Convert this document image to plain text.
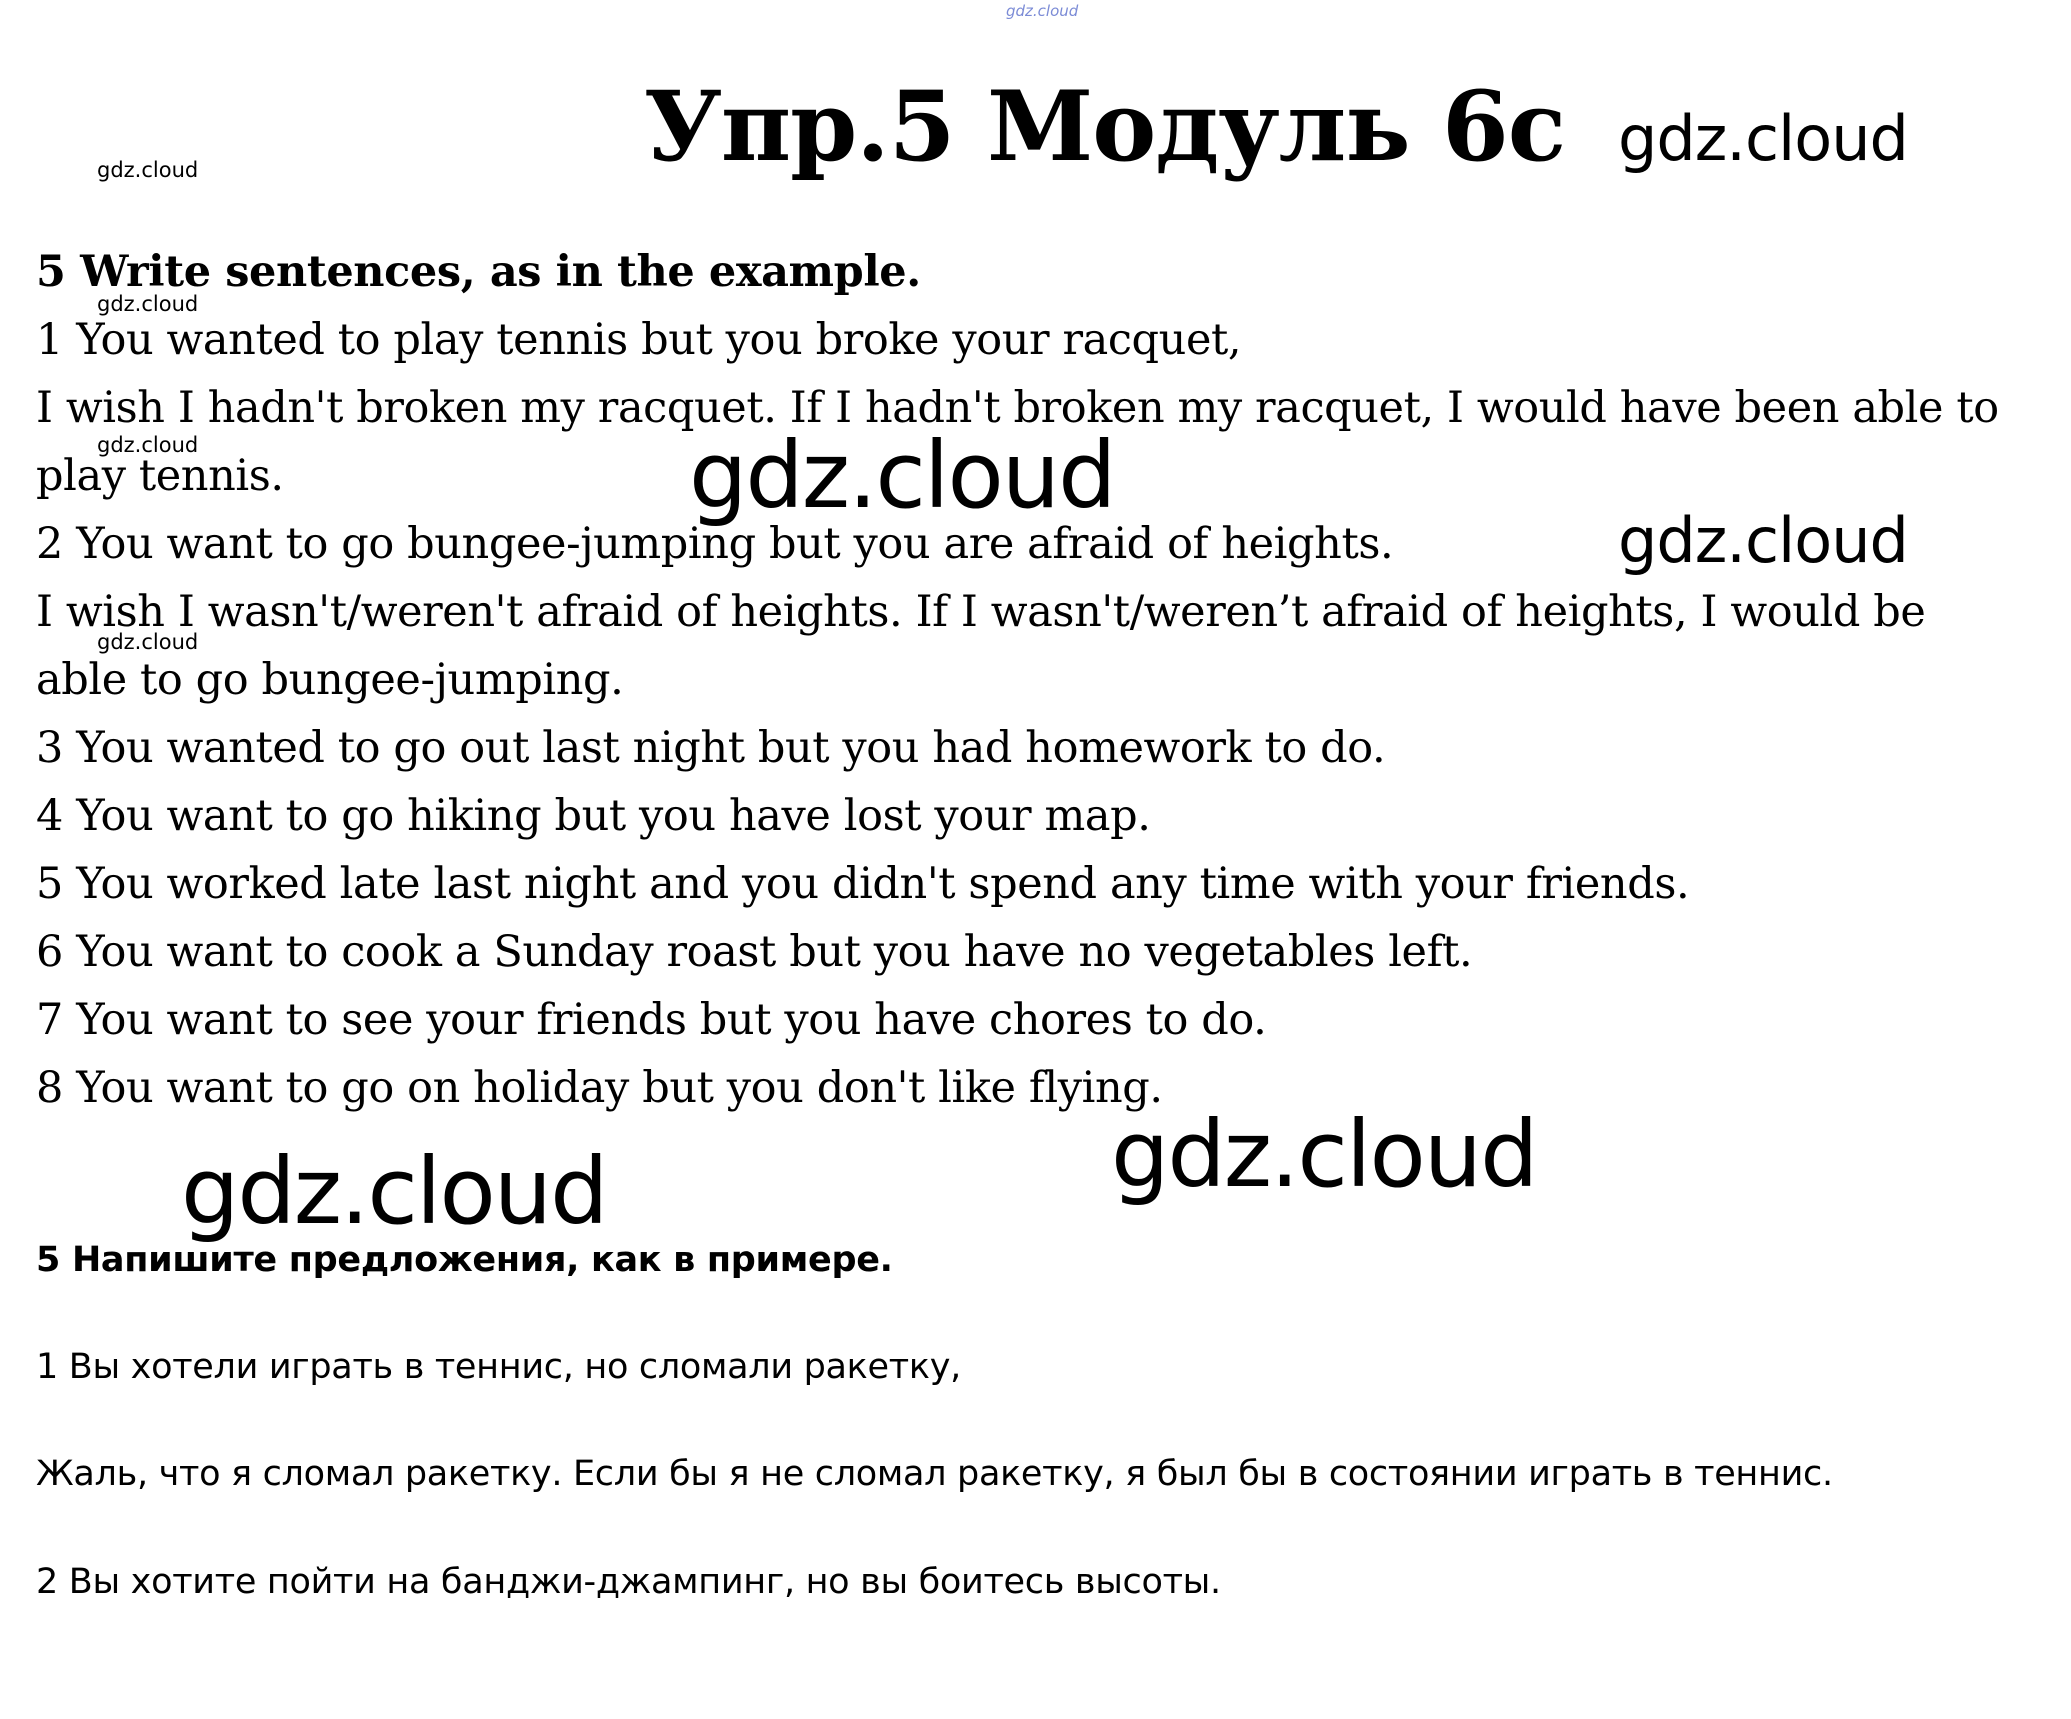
gdz.cloud
gdz.cloud
gdz.cloud
gdz.cloud
gdz.cloud
gdz.cloud
gdz.cloud
gdz.cloud
gdz.cloud	gdz.cloud
Упр.5 Модуль 6с
5 Write sentences, as in the example.
1 You wanted to play tennis but you broke your racquet,
I wish I hadn't broken my racquet. If I hadn't broken my racquet, I would have been able to
play tennis.
2 You want to go bungee-jumping but you are afraid of heights.
I wish I wasn't/weren't afraid of heights. If I wasn't/weren’t afraid of heights, I would be
able to go bungee-jumping.
3 You wanted to go out last night but you had homework to do.
4 You want to go hiking but you have lost your map.
5 You worked late last night and you didn't spend any time with your friends.
6 You want to cook a Sunday roast but you have no vegetables left.
7 You want to see your friends but you have chores to do.
8 You want to go on holiday but you don't like flying.
5 Напишите предложения, как в примере.
1 Вы хотели играть в теннис, но сломали ракетку,
Жаль, что я сломал ракетку. Если бы я не сломал ракетку, я был бы в состоянии играть в теннис.
2 Вы хотите пойти на банджи-джампинг, но вы боитесь высоты.
